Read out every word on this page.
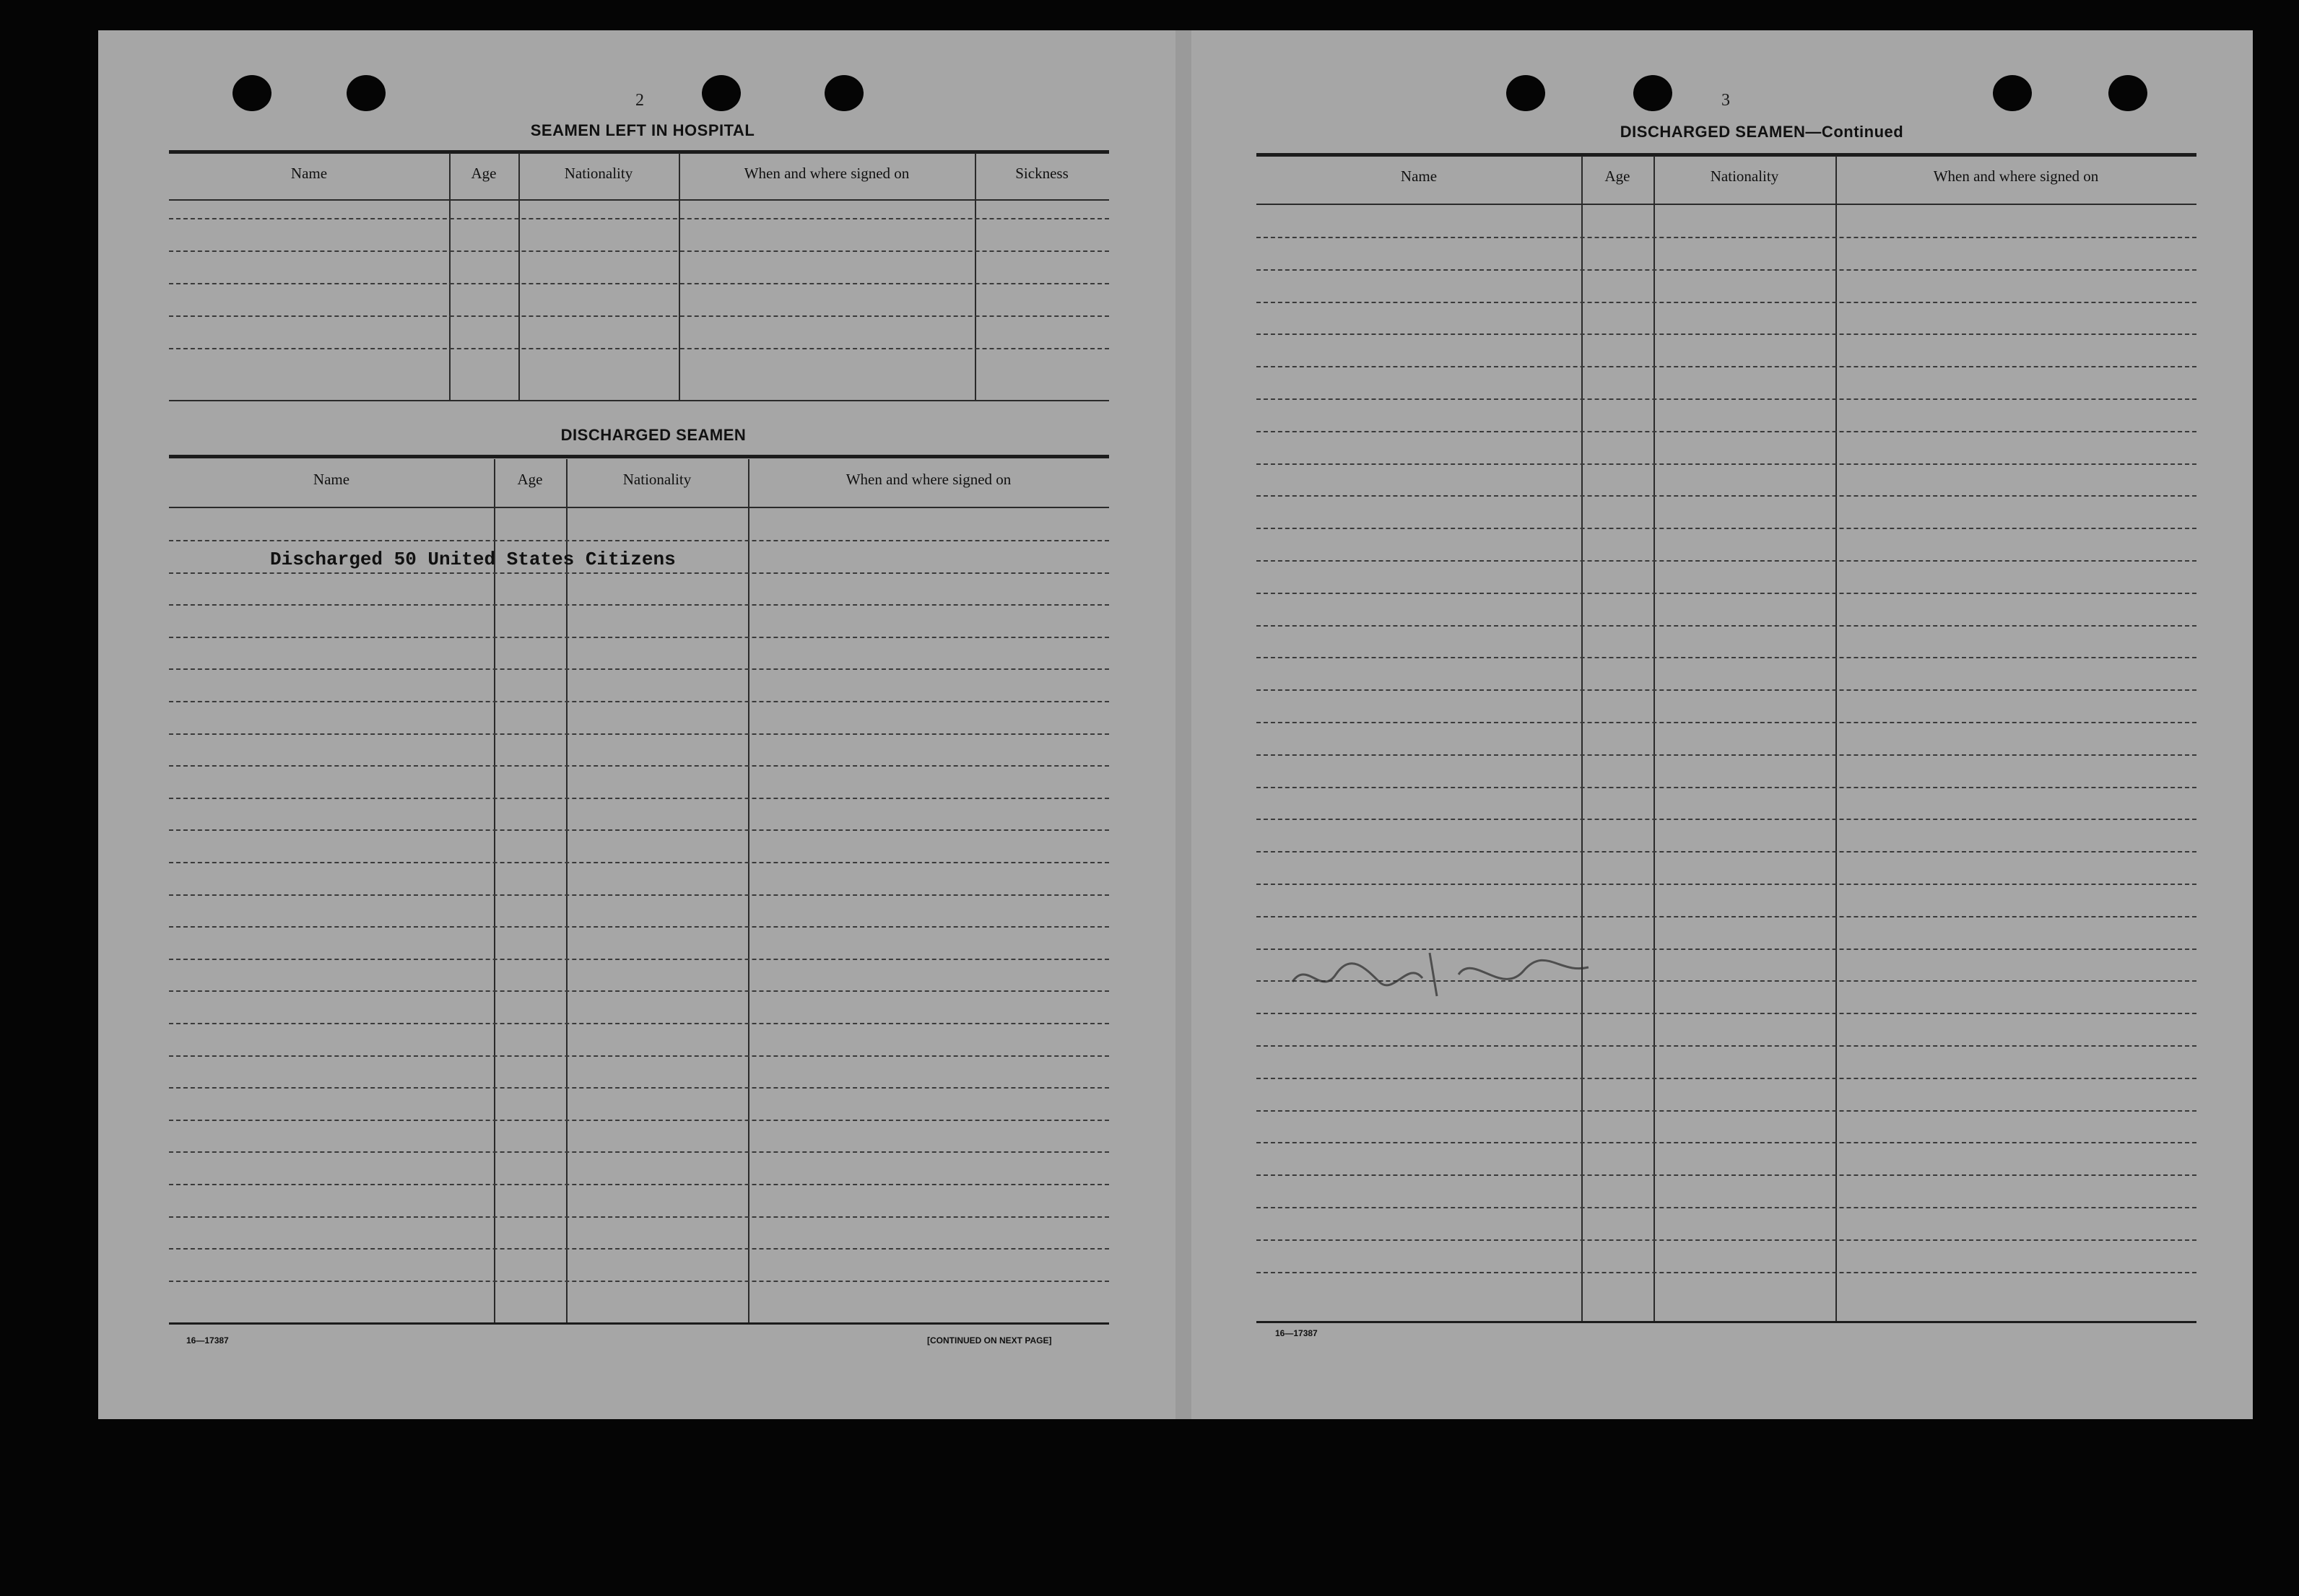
2
SEAMEN LEFT IN HOSPITAL
Name	Age	Nationality	When and where signed on	Sickness
DISCHARGED SEAMEN
Name	Age	Nationality	When and where signed on
Discharged 50 United States Citizens
16—17387	[CONTINUED ON NEXT PAGE]
3
DISCHARGED SEAMEN—Continued
Name	Age	Nationality	When and where signed on
16—17387
